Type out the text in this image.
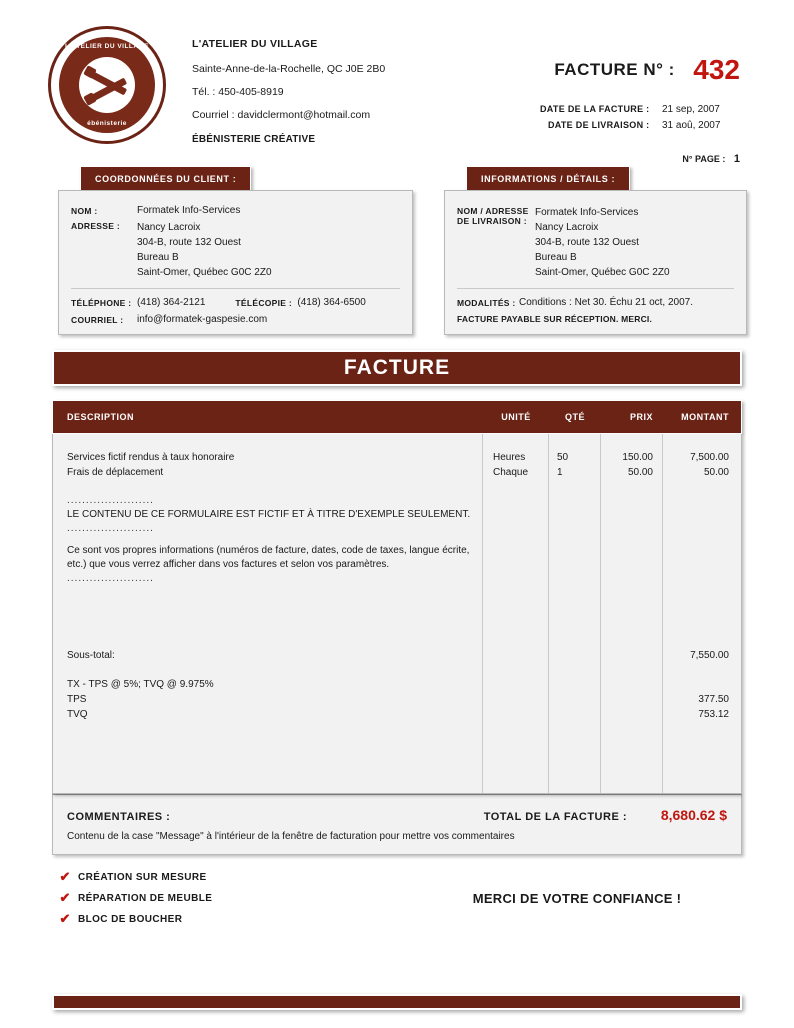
L'ATELIER DU VILLAGE
ébénisterie
L'ATELIER DU VILLAGE
Sainte-Anne-de-la-Rochelle, QC J0E 2B0
Tél. : 450-405-8919
Courriel : davidclermont@hotmail.com
ÉBÉNISTERIE CRÉATIVE
FACTURE N° : 432
DATE DE LA FACTURE : 21 sep, 2007
DATE DE LIVRAISON : 31 aoû, 2007
N° PAGE : 1
COORDONNÉES DU CLIENT :
NOM :	Formatek Info-Services
ADRESSE :	Nancy Lacroix
304-B, route 132 Ouest
Bureau B
Saint-Omer, Québec G0C 2Z0
TÉLÉPHONE : (418) 364-2121	TÉLÉCOPIE : (418) 364-6500
COURRIEL :	info@formatek-gaspesie.com
INFORMATIONS / DÉTAILS :
NOM / ADRESSE
DE LIVRAISON :
Formatek Info-Services
Nancy Lacroix
304-B, route 132 Ouest
Bureau B
Saint-Omer, Québec G0C 2Z0
MODALITÉS : Conditions : Net 30. Échu 21 oct, 2007.
FACTURE PAYABLE SUR RÉCEPTION. MERCI.
FACTURE
DESCRIPTION	UNITÉ	QTÉ	PRIX	MONTANT
Services fictif rendus à taux honoraire	Heures	50	150.00	7,500.00
Frais de déplacement	Chaque	1	50.00	50.00
.......................
LE CONTENU DE CE FORMULAIRE EST FICTIF ET À TITRE D'EXEMPLE SEULEMENT.
.......................
Ce sont vos propres informations (numéros de facture, dates, code de taxes, langue écrite, etc.) que vous verrez afficher dans vos factures et selon vos paramètres.
.......................
Sous-total:	7,550.00
TX - TPS @ 5%; TVQ @ 9.975%
TPS	377.50
TVQ	753.12
COMMENTAIRES :	TOTAL DE LA FACTURE :	8,680.62 $
Contenu de la case "Message" à l'intérieur de la fenêtre de facturation pour mettre vos commentaires
✔ CRÉATION SUR MESURE
✔ RÉPARATION DE MEUBLE
✔ BLOC DE BOUCHER
MERCI DE VOTRE CONFIANCE !
